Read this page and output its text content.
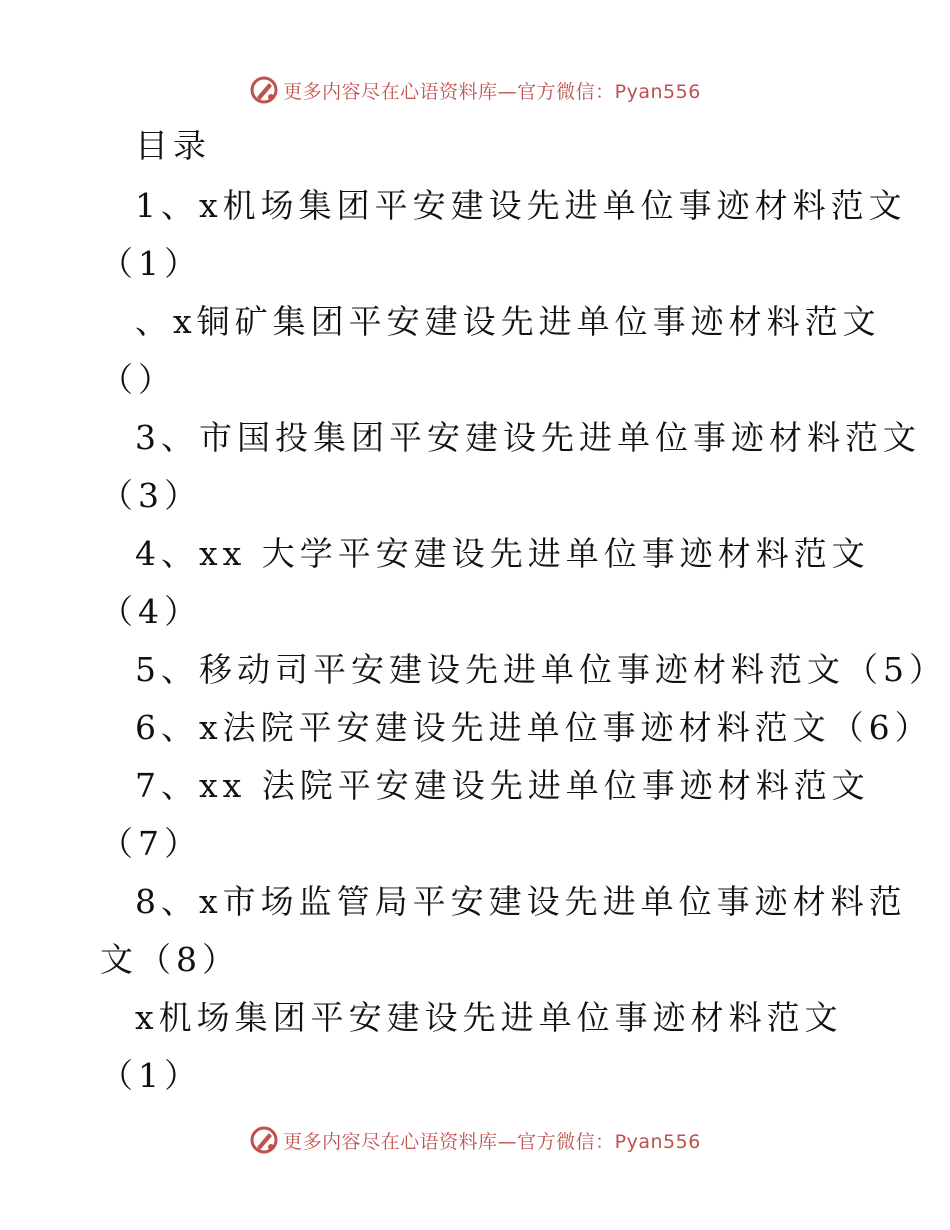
更多内容尽在心语资料库—官方微信：Pyan556
目录
1、x机场集团平安建设先进单位事迹材料范文
（1）
、x铜矿集团平安建设先进单位事迹材料范文
（）
3、市国投集团平安建设先进单位事迹材料范文
（3）
4、xx 大学平安建设先进单位事迹材料范文
（4）
5、移动司平安建设先进单位事迹材料范文（5）
6、x法院平安建设先进单位事迹材料范文（6）
7、xx 法院平安建设先进单位事迹材料范文
（7）
8、x市场监管局平安建设先进单位事迹材料范
文（8）
x机场集团平安建设先进单位事迹材料范文
（1）
更多内容尽在心语资料库—官方微信：Pyan556
